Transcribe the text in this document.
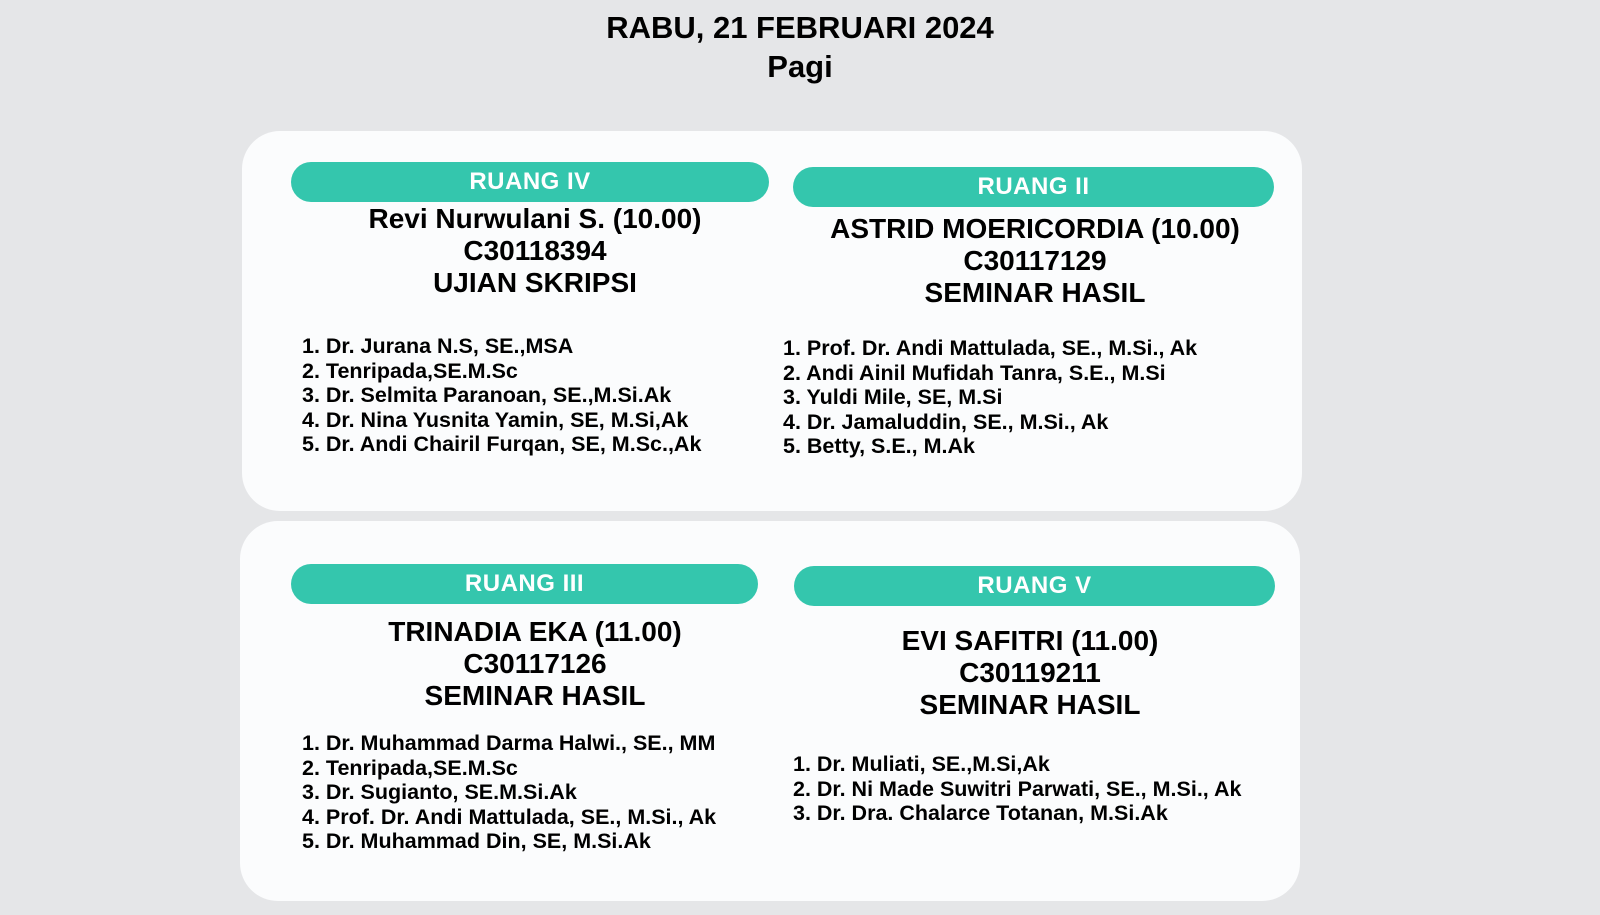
RABU, 21 FEBRUARI 2024
Pagi
RUANG IV
Revi Nurwulani S. (10.00)
C30118394
UJIAN SKRIPSI
1. Dr. Jurana N.S, SE.,MSA
2. Tenripada,SE.M.Sc
3. Dr. Selmita Paranoan, SE.,M.Si.Ak
4. Dr. Nina Yusnita Yamin, SE, M.Si,Ak
5. Dr. Andi Chairil Furqan, SE, M.Sc.,Ak
RUANG II
ASTRID MOERICORDIA (10.00)
C30117129
SEMINAR HASIL
1. Prof. Dr. Andi Mattulada, SE., M.Si., Ak
2. Andi Ainil Mufidah Tanra, S.E., M.Si
3. Yuldi Mile, SE, M.Si
4. Dr. Jamaluddin, SE., M.Si., Ak
5. Betty, S.E., M.Ak
RUANG III
TRINADIA EKA (11.00)
C30117126
SEMINAR HASIL
1. Dr. Muhammad Darma Halwi., SE., MM
2. Tenripada,SE.M.Sc
3. Dr. Sugianto, SE.M.Si.Ak
4. Prof. Dr. Andi Mattulada, SE., M.Si., Ak
5. Dr. Muhammad Din, SE, M.Si.Ak
RUANG V
EVI SAFITRI (11.00)
C30119211
SEMINAR HASIL
1. Dr. Muliati, SE.,M.Si,Ak
2. Dr. Ni Made Suwitri Parwati, SE., M.Si., Ak
3. Dr. Dra. Chalarce Totanan, M.Si.Ak
